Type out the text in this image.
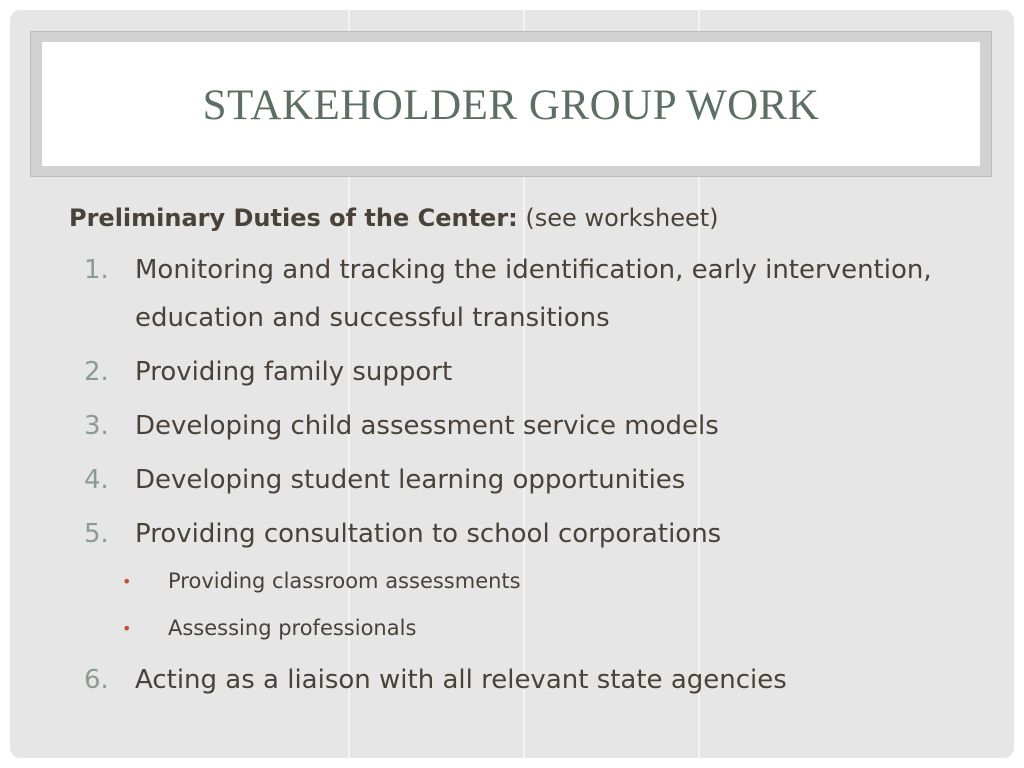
STAKEHOLDER GROUP WORK
Preliminary Duties of the Center: (see worksheet)
1. Monitoring and tracking the identification, early intervention, education and successful transitions
2. Providing family support
3. Developing child assessment service models
4. Developing student learning opportunities
5. Providing consultation to school corporations
• Providing classroom assessments
• Assessing professionals
6. Acting as a liaison with all relevant state agencies
